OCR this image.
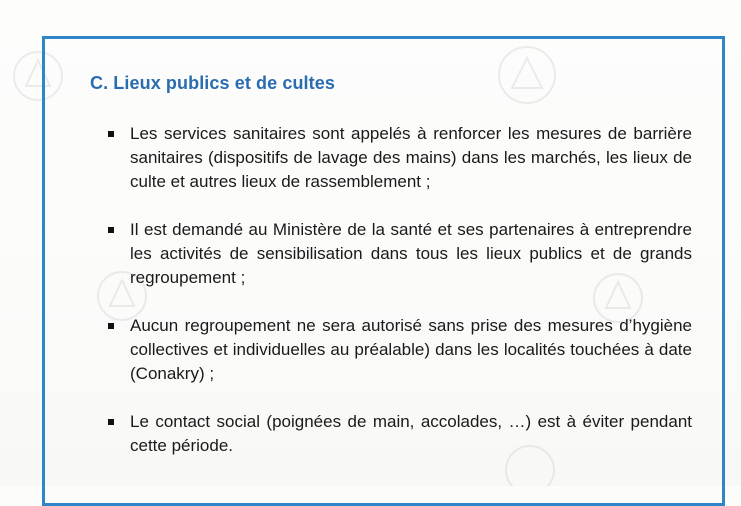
C. Lieux publics et de cultes
Les services sanitaires sont appelés à renforcer les mesures de barrière sanitaires (dispositifs de lavage des mains) dans les marchés, les lieux de culte et autres lieux de rassemblement ;
Il est demandé au Ministère de la santé et ses partenaires à entreprendre les activités de sensibilisation dans tous les lieux publics et de grands regroupement ;
Aucun regroupement ne sera autorisé sans prise des mesures d’hygiène collectives et individuelles au préalable) dans les localités touchées à date (Conakry) ;
Le contact social (poignées de main, accolades, …) est à éviter pendant cette période.
